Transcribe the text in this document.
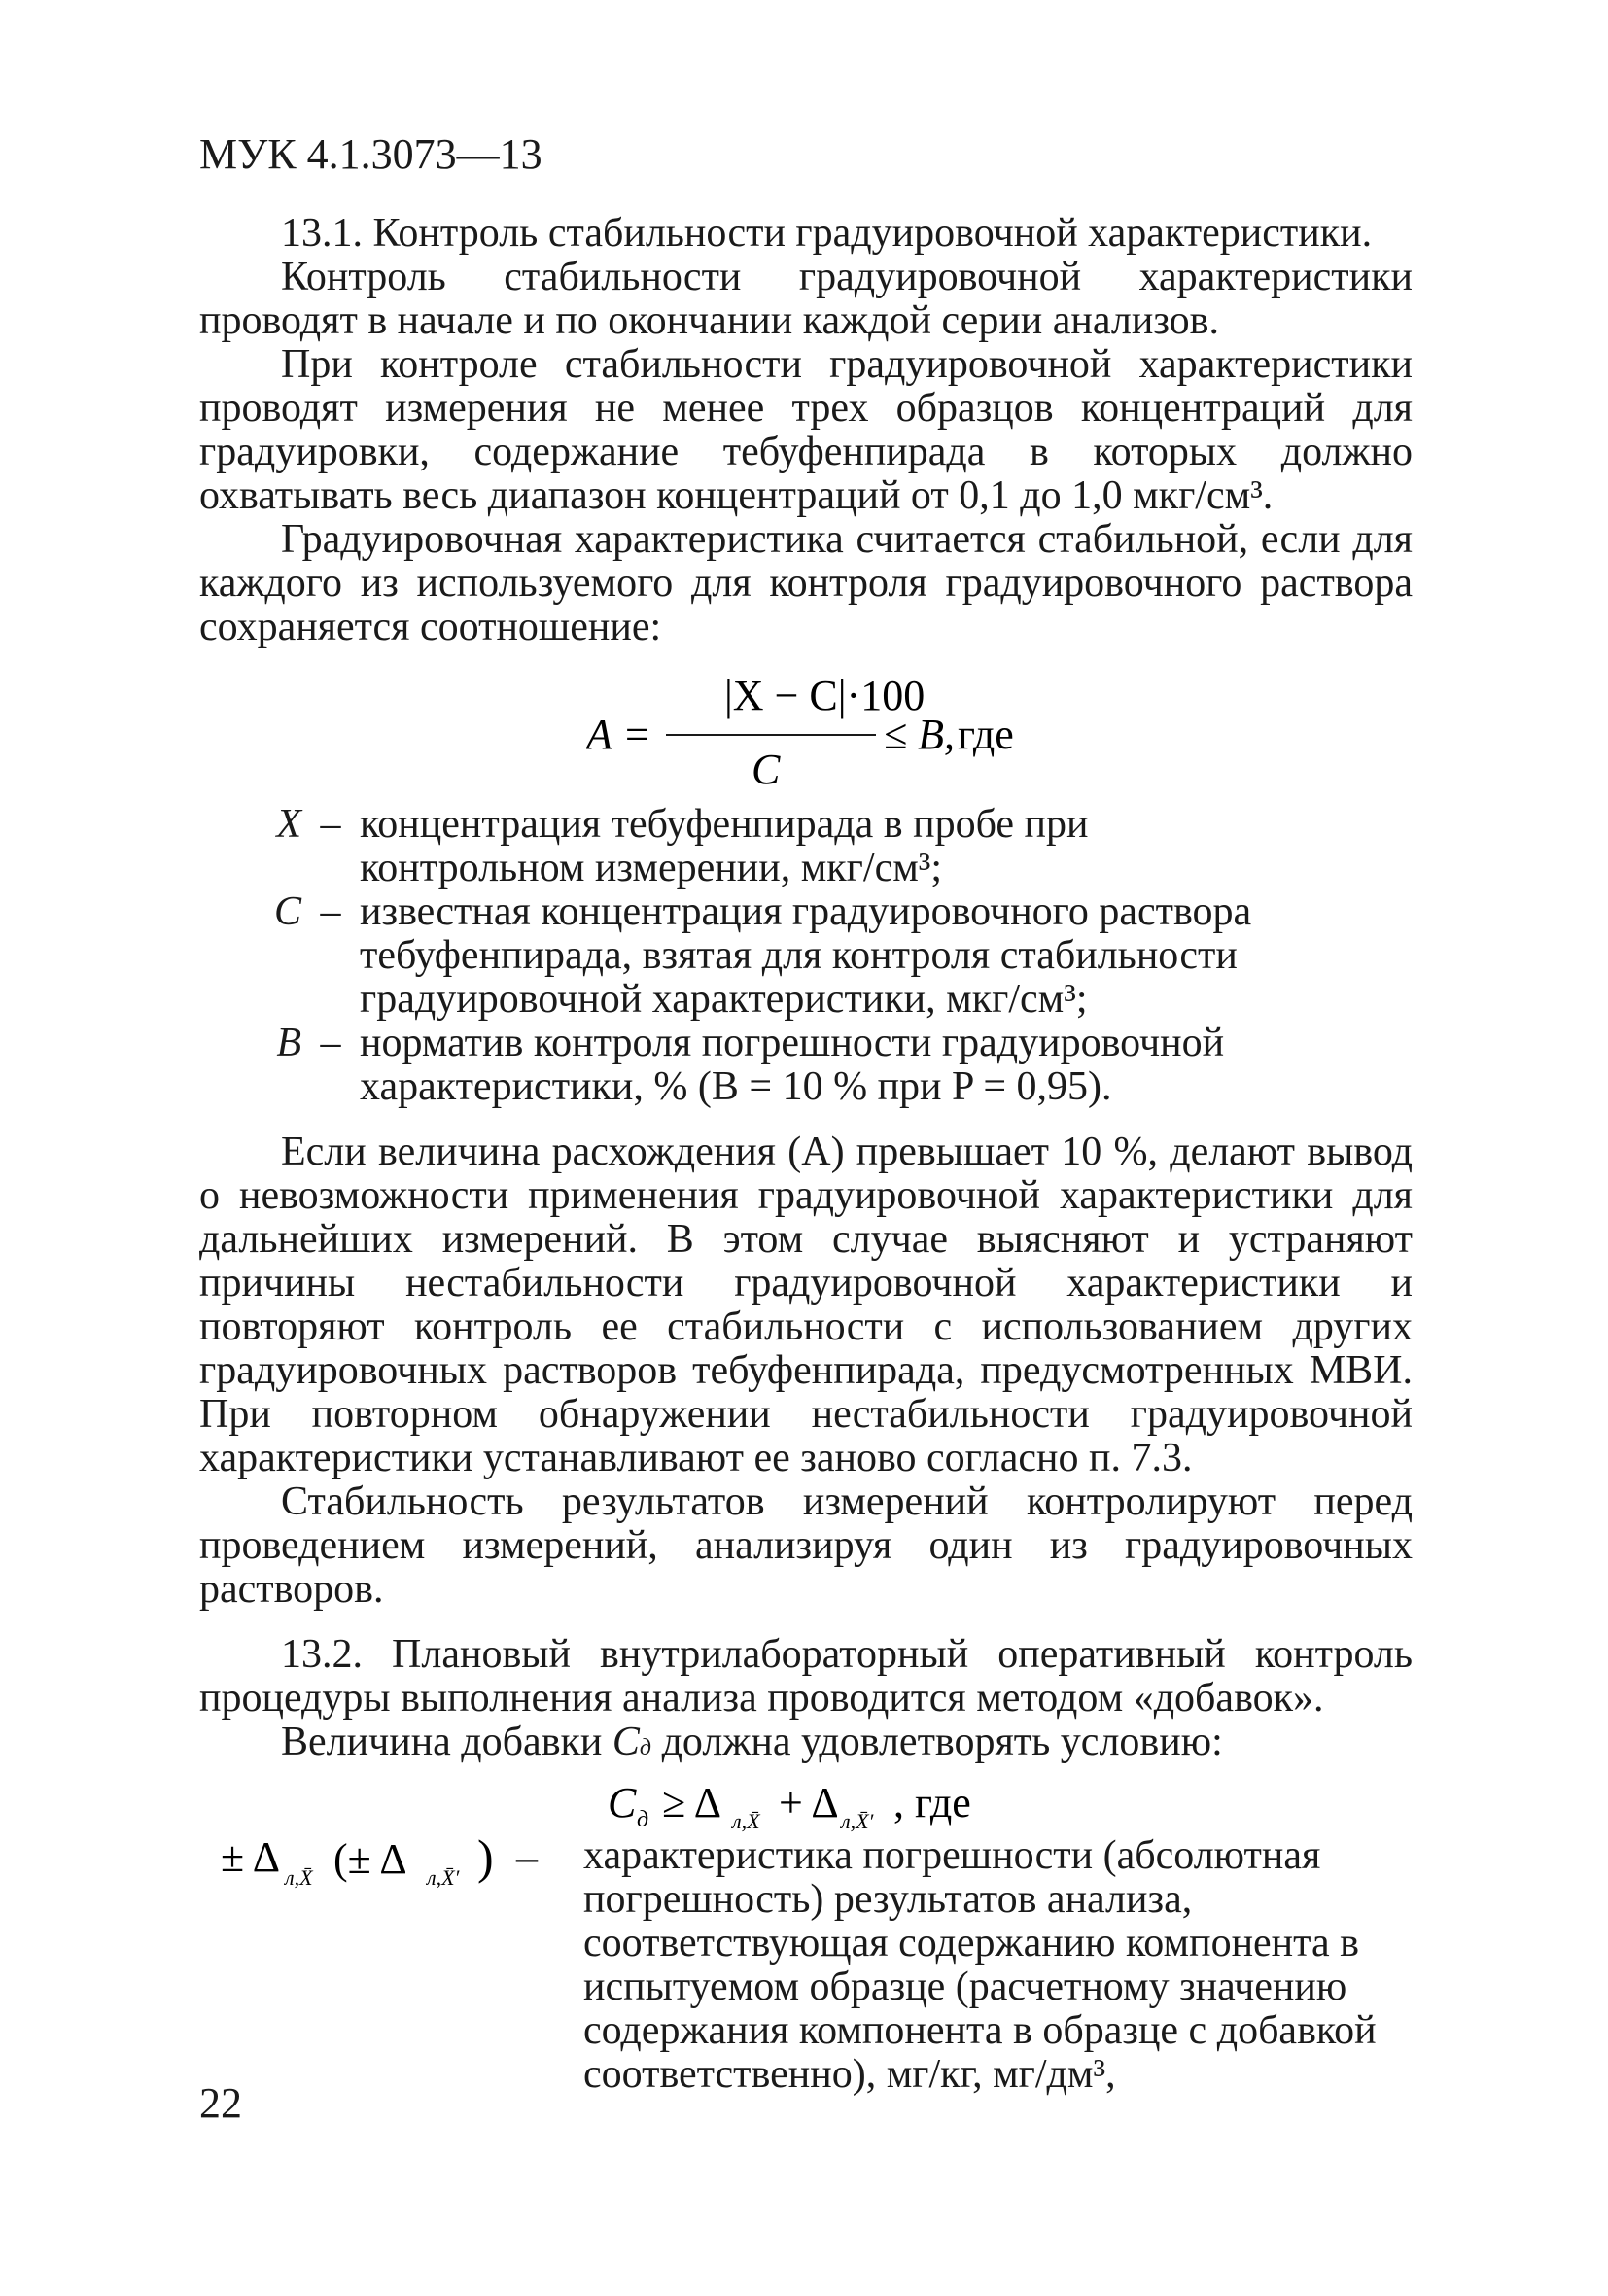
МУК 4.1.3073—13

13.1. Контроль стабильности градуировочной характеристики.

Контроль стабильности градуировочной характеристики проводят в начале и по окончании каждой серии анализов.

При контроле стабильности градуировочной характеристики проводят измерения не менее трех образцов концентраций для градуировки, содержание тебуфенпирада в которых должно охватывать весь диапазон концентраций от 0,1 до 1,0 мкг/см³.

Градуировочная характеристика считается стабильной, если для каждого из используемого для контроля градуировочного раствора сохраняется соотношение:

A =
|X − C|·100
C
≤ B, где
X – концентрация тебуфенпирада в пробе при контрольном измерении, мкг/см³;
C – известная концентрация градуировочного раствора тебуфенпирада, взятая для контроля стабильности градуировочной характеристики, мкг/см³;
B – норматив контроля погрешности градуировочной характеристики, % (B = 10 % при P = 0,95).

Если величина расхождения (A) превышает 10 %, делают вывод о невозможности применения градуировочной характеристики для дальнейших измерений. В этом случае выясняют и устраняют причины нестабильности градуировочной характеристики и повторяют контроль ее стабильности с использованием других градуировочных растворов тебуфенпирада, предусмотренных МВИ. При повторном обнаружении нестабильности градуировочной характеристики устанавливают ее заново согласно п. 7.3.

Стабильность результатов измерений контролируют перед проведением измерений, анализируя один из градуировочных растворов.

13.2. Плановый внутрилабораторный оперативный контроль процедуры выполнения анализа проводится методом «добавок».

Величина добавки Cд должна удовлетворять условию:

C д ≥ Δ л,X̄ + Δ л,X̄′ , где
± Δ л,X̄ (± Δ л,X̄′ ) – характеристика погрешности (абсолютная погрешность) результатов анализа, соответствующая содержанию компонента в испытуемом образце (расчетному значению содержания компонента в образце с добавкой соответственно), мг/кг, мг/дм³,
22
